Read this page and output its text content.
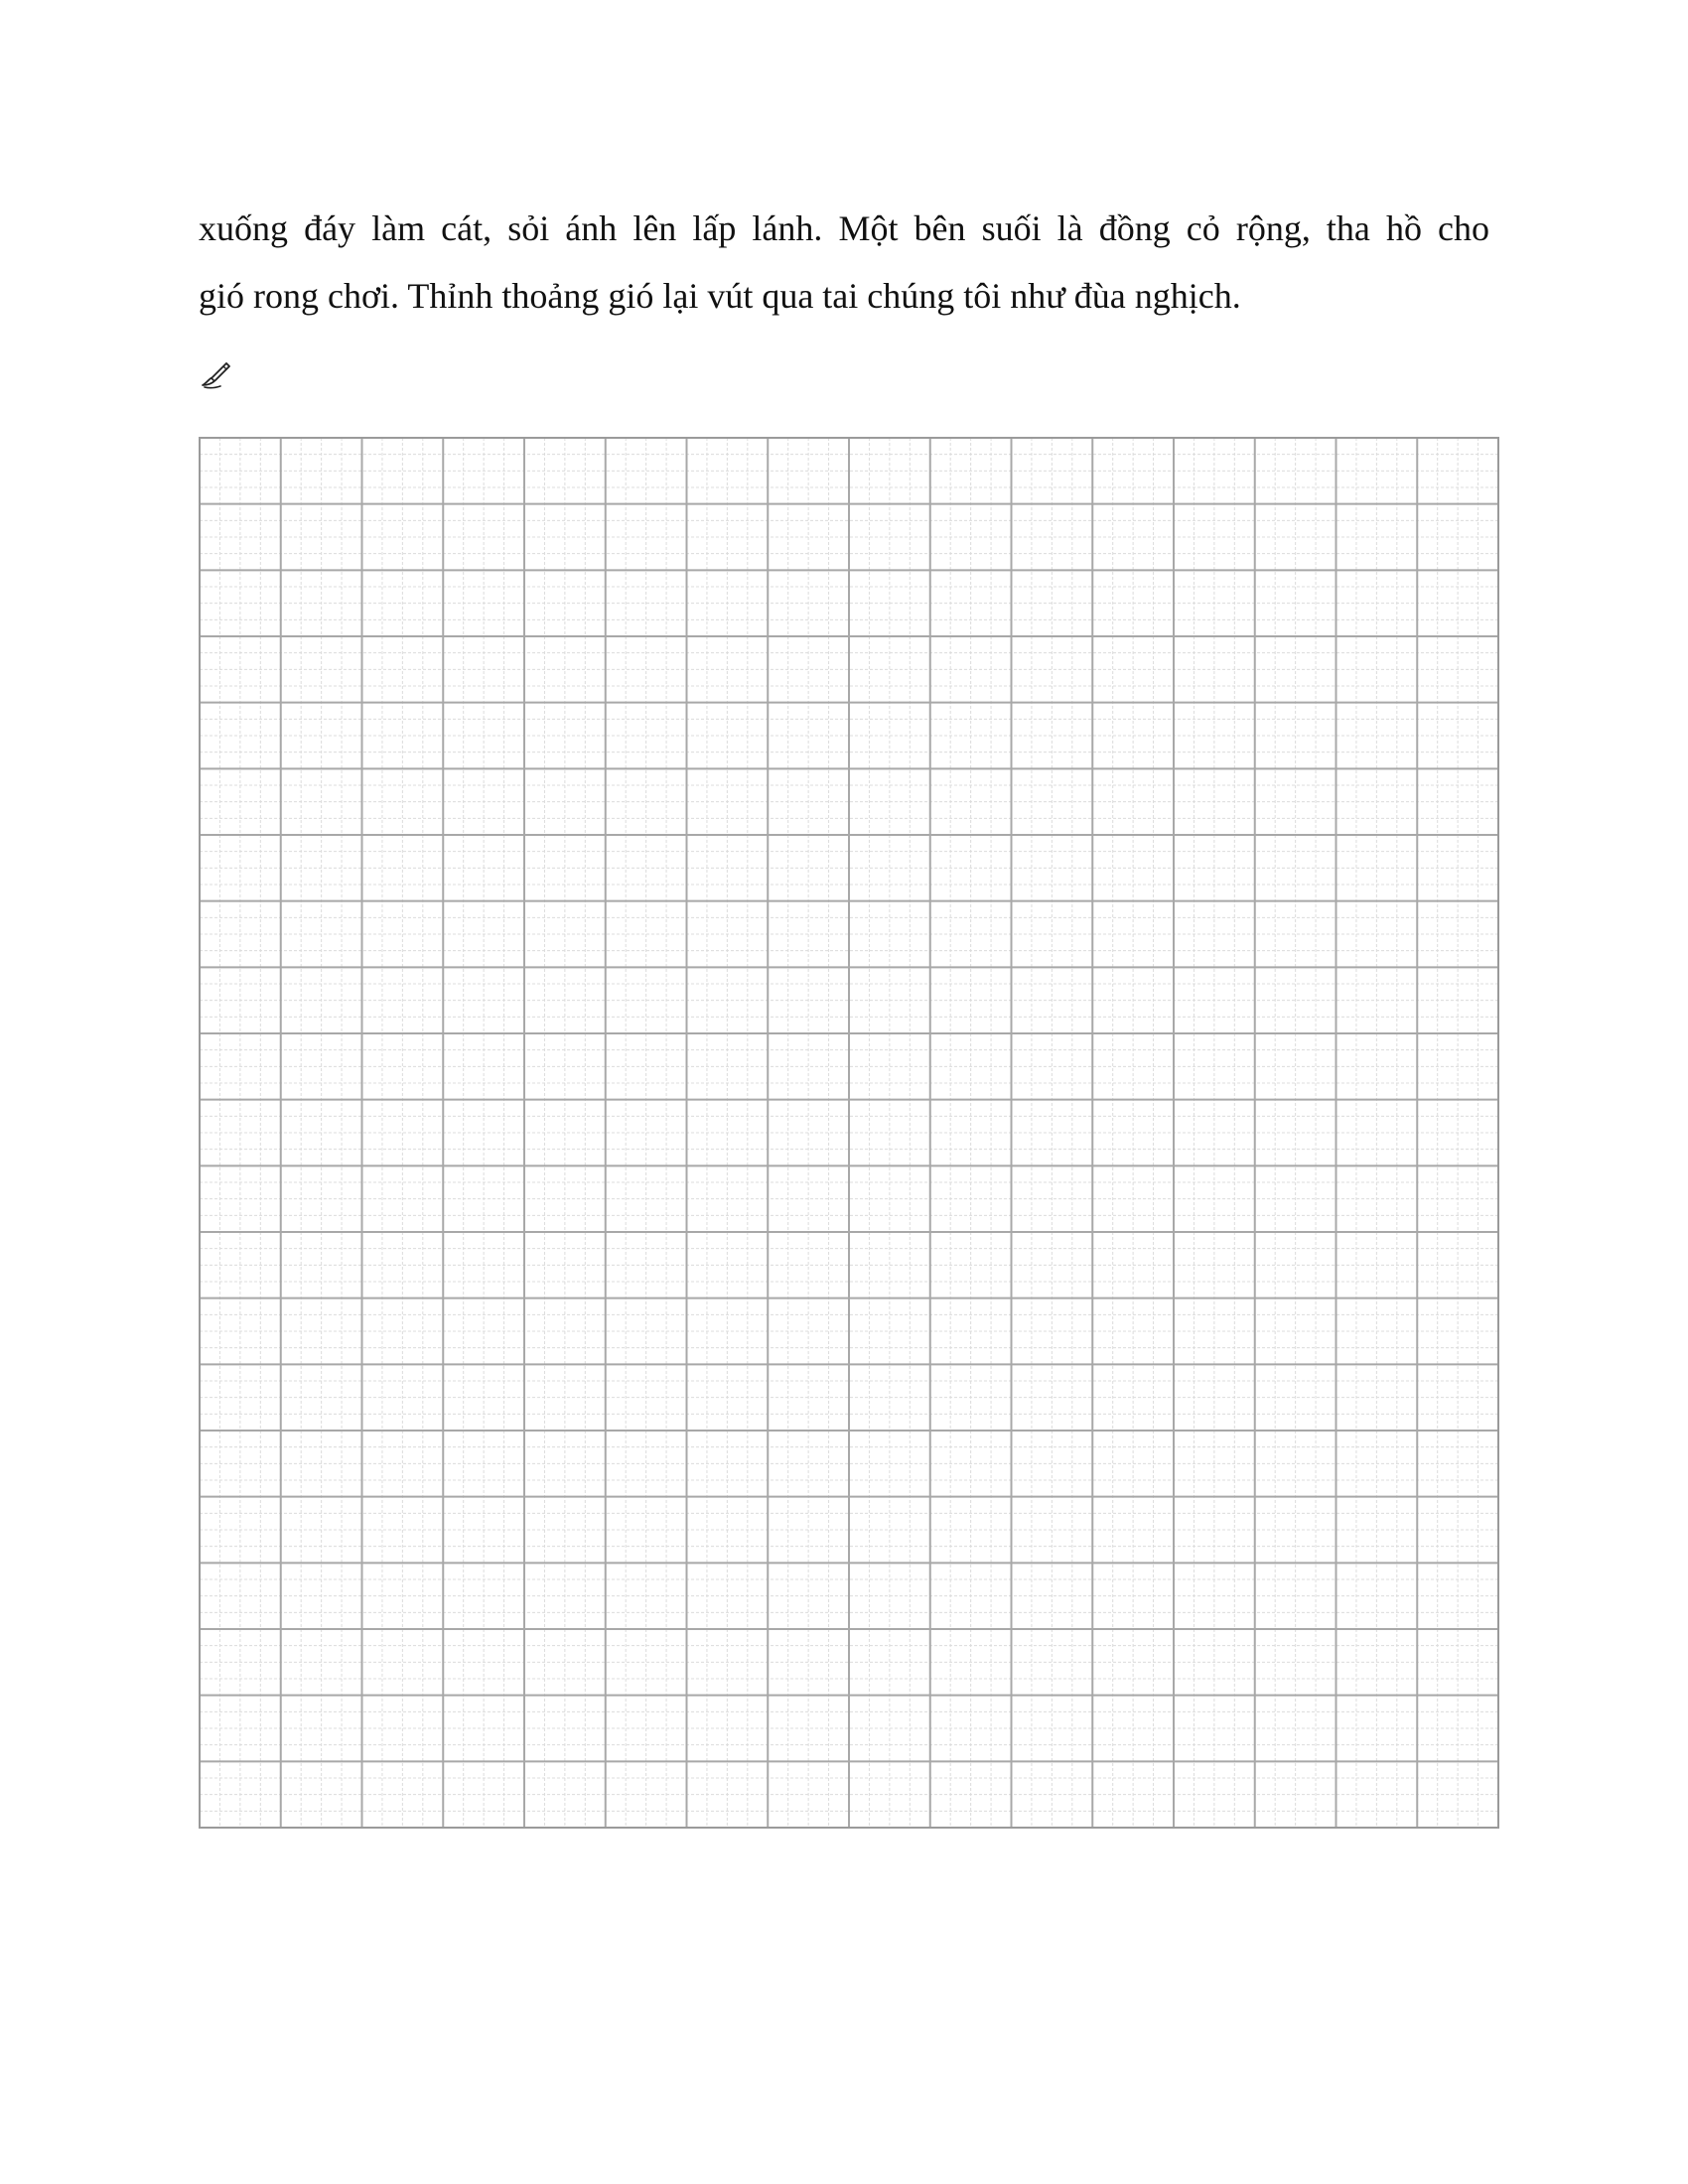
xuống đáy làm cát, sỏi ánh lên lấp lánh. Một bên suối là đồng cỏ rộng, tha hồ cho
gió rong chơi. Thỉnh thoảng gió lại vút qua tai chúng tôi như đùa nghịch.
